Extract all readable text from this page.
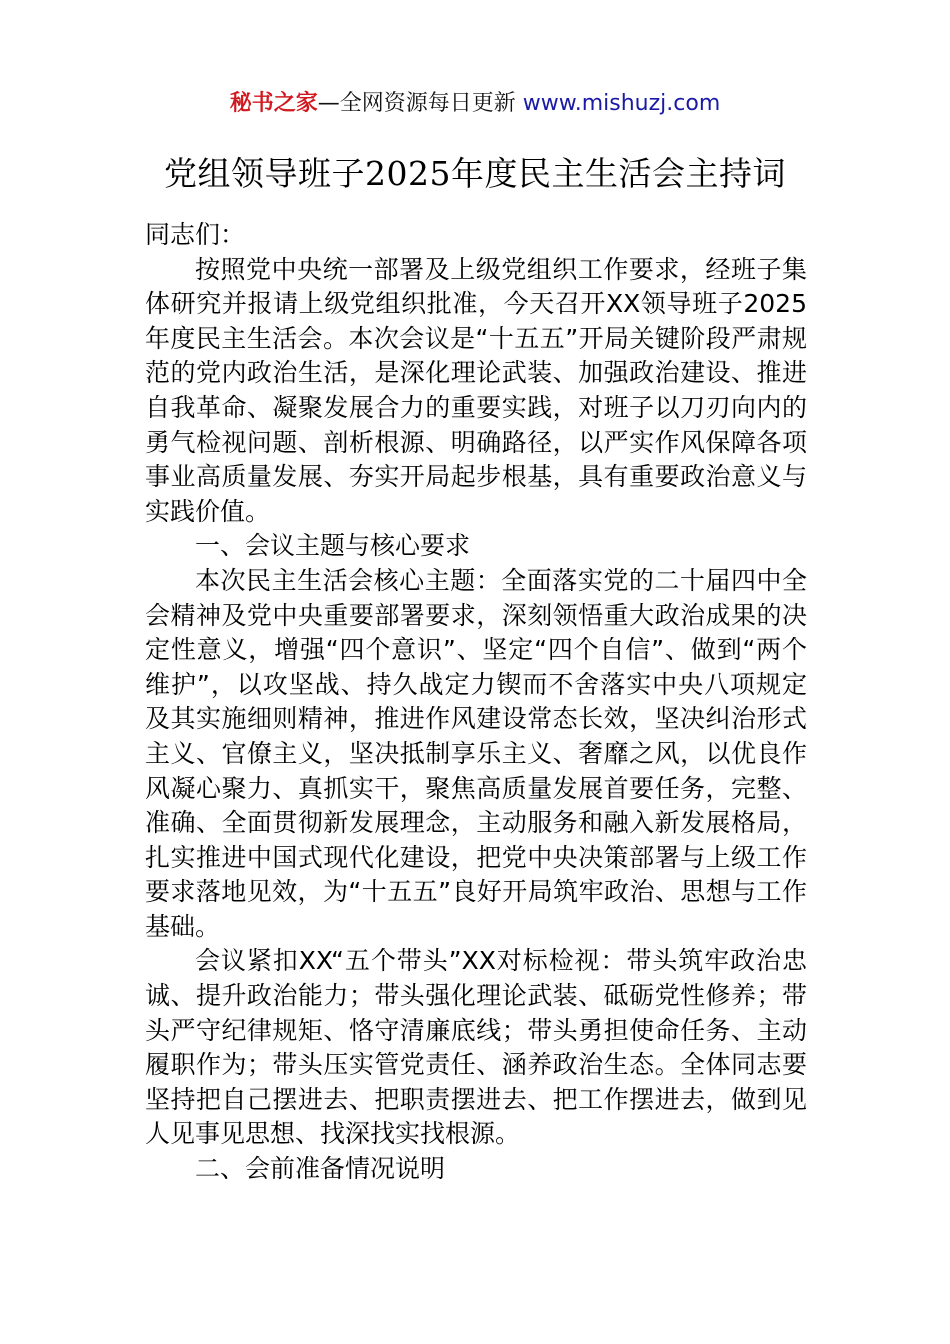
秘书之家—全网资源每日更新 www.mishuzj.com
党组领导班子2025年度民主生活会主持词

同志们：

按照党中央统一部署及上级党组织工作要求，经班子集体研究并报请上级党组织批准，今天召开XX领导班子2025年度民主生活会。本次会议是“十五五”开局关键阶段严肃规范的党内政治生活，是深化理论武装、加强政治建设、推进自我革命、凝聚发展合力的重要实践，对班子以刀刃向内的勇气检视问题、剖析根源、明确路径，以严实作风保障各项事业高质量发展、夯实开局起步根基，具有重要政治意义与实践价值。

一、会议主题与核心要求

本次民主生活会核心主题：全面落实党的二十届四中全会精神及党中央重要部署要求，深刻领悟重大政治成果的决定性意义，增强“四个意识”、坚定“四个自信”、做到“两个维护”，以攻坚战、持久战定力锲而不舍落实中央八项规定及其实施细则精神，推进作风建设常态长效，坚决纠治形式主义、官僚主义，坚决抵制享乐主义、奢靡之风，以优良作风凝心聚力、真抓实干，聚焦高质量发展首要任务，完整、准确、全面贯彻新发展理念，主动服务和融入新发展格局，扎实推进中国式现代化建设，把党中央决策部署与上级工作要求落地见效，为“十五五”良好开局筑牢政治、思想与工作基础。

会议紧扣XX“五个带头”XX对标检视：带头筑牢政治忠诚、提升政治能力；带头强化理论武装、砥砺党性修养；带头严守纪律规矩、恪守清廉底线；带头勇担使命任务、主动履职作为；带头压实管党责任、涵养政治生态。全体同志要坚持把自己摆进去、把职责摆进去、把工作摆进去，做到见人见事见思想、找深找实找根源。

二、会前准备情况说明
